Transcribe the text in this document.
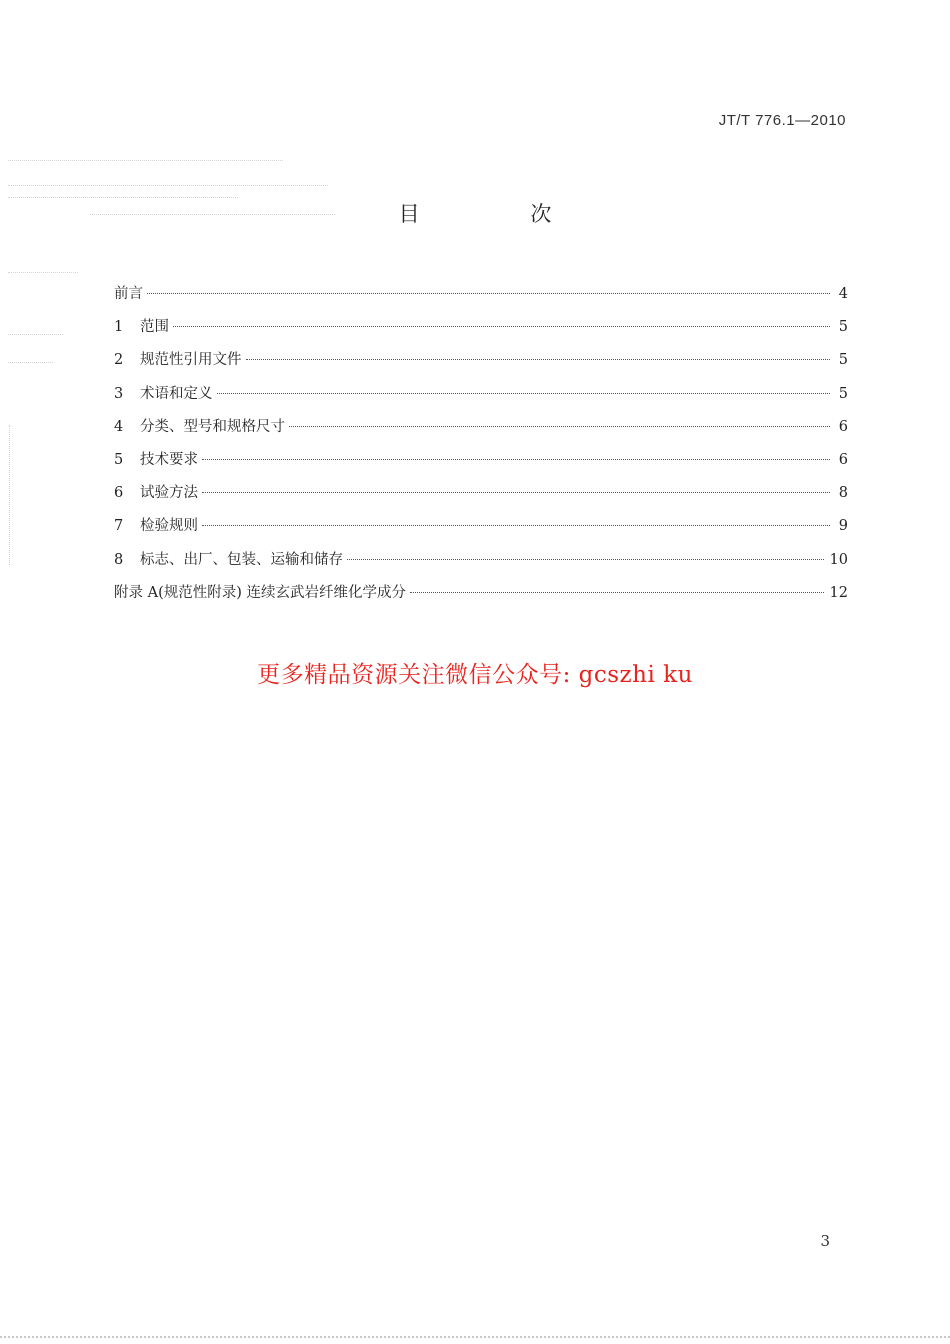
JT/T 776.1—2010
目 次
前言	4
1	范围	5
2	规范性引用文件	5
3	术语和定义	5
4	分类、型号和规格尺寸	6
5	技术要求	6
6	试验方法	8
7	检验规则	9
8	标志、出厂、包装、运输和储存	10
附录 A(规范性附录) 连续玄武岩纤维化学成分	12
更多精品资源关注微信公众号: gcszhi ku
3
